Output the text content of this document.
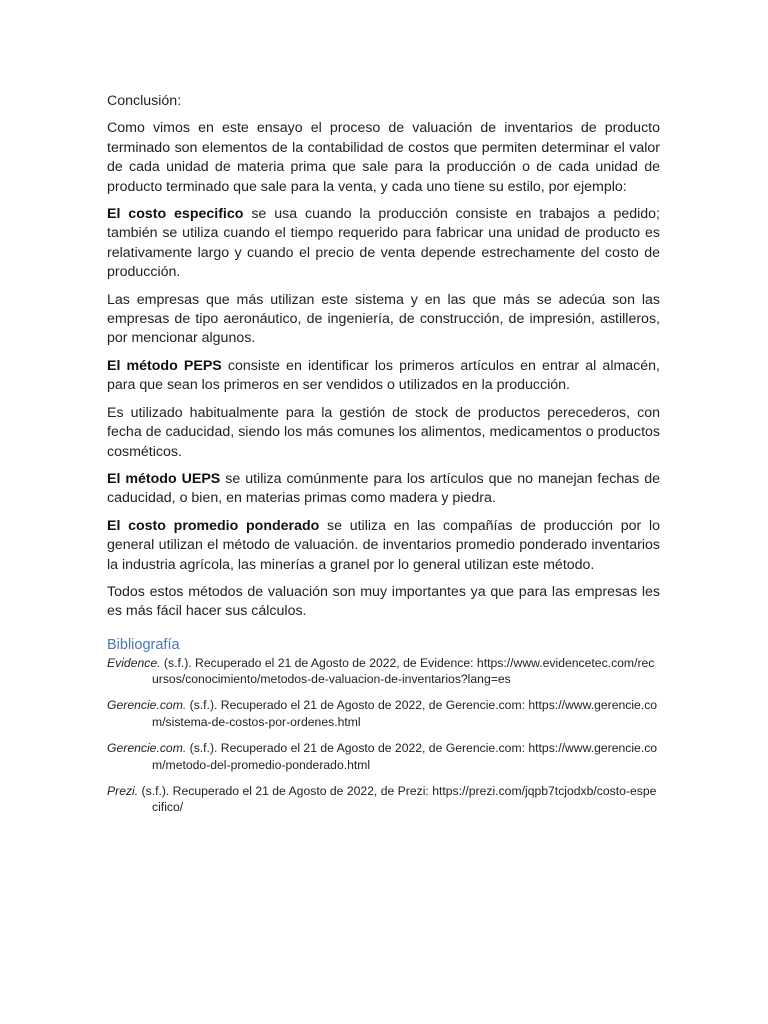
Conclusión:

Como vimos en este ensayo el proceso de valuación de inventarios de producto terminado son elementos de la contabilidad de costos que permiten determinar el valor de cada unidad de materia prima que sale para la producción o de cada unidad de producto terminado que sale para la venta, y cada uno tiene su estilo, por ejemplo:

El costo especifico se usa cuando la producción consiste en trabajos a pedido; también se utiliza cuando el tiempo requerido para fabricar una unidad de producto es relativamente largo y cuando el precio de venta depende estrechamente del costo de producción.

Las empresas que más utilizan este sistema y en las que más se adecúa son las empresas de tipo aeronáutico, de ingeniería, de construcción, de impresión, astilleros, por mencionar algunos.

El método PEPS consiste en identificar los primeros artículos en entrar al almacén, para que sean los primeros en ser vendidos o utilizados en la producción.

Es utilizado habitualmente para la gestión de stock de productos perecederos, con fecha de caducidad, siendo los más comunes los alimentos, medicamentos o productos cosméticos.

El método UEPS se utiliza comúnmente para los artículos que no manejan fechas de caducidad, o bien, en materias primas como madera y piedra.

El costo promedio ponderado se utiliza en las compañías de producción por lo general utilizan el método de valuación. de inventarios promedio ponderado inventarios la industria agrícola, las minerías a granel por lo general utilizan este método.

Todos estos métodos de valuación son muy importantes ya que para las empresas les es más fácil hacer sus cálculos.

Bibliografía

Evidence. (s.f.). Recuperado el 21 de Agosto de 2022, de Evidence: https://www.evidencetec.com/recursos/conocimiento/metodos-de-valuacion-de-inventarios?lang=es

Gerencie.com. (s.f.). Recuperado el 21 de Agosto de 2022, de Gerencie.com: https://www.gerencie.com/sistema-de-costos-por-ordenes.html

Gerencie.com. (s.f.). Recuperado el 21 de Agosto de 2022, de Gerencie.com: https://www.gerencie.com/metodo-del-promedio-ponderado.html

Prezi. (s.f.). Recuperado el 21 de Agosto de 2022, de Prezi: https://prezi.com/jqpb7tcjodxb/costo-especifico/
